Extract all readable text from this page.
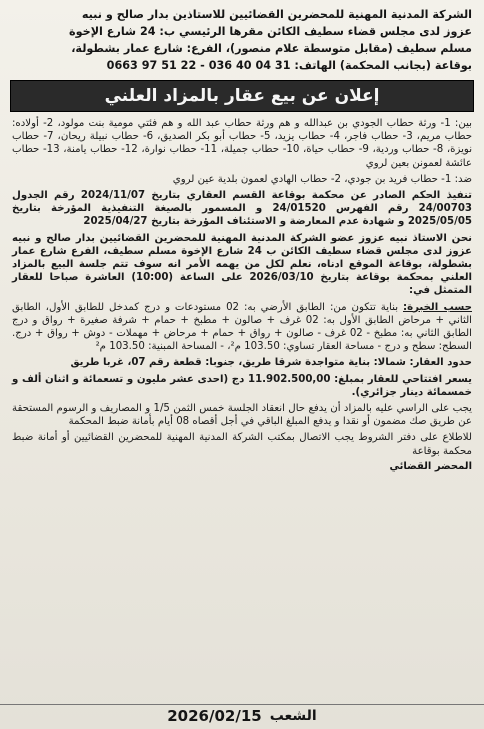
الشركة المدنية المهنية للمحضرين القضائيين للاستاذين بدار صالح و نبيه
عزوز لدى مجلس قضاء سطيف الكائن مقرها الرئيسي ب: 24 شارع الإخوة
مسلم سطيف (مقابل متوسطة علام منصور)، الفرع: شارع عمار بشطولة،
بوقاعة (بجانب المحكمة) الهاتف: 31 04 40 036 - 22 51 97 0663
إعلان عن بيع عقار بالمزاد العلني

بين: 1- ورثة حطاب الجودي بن عبدالله و هم ورثة حطاب عبد الله و هم فئتي مومية بنت مولود، 2- أولاده: حطاب مريم، 3- حطاب فاجر، 4- حطاب يزيد، 5- حطاب أبو بكر الصديق، 6- حطاب نبيلة ريحان، 7- حطاب نويزة، 8- حطاب وردية، 9- حطاب حياة، 10- حطاب جميلة، 11- حطاب نوارة، 12- حطاب يامنة، 13- حطاب عائشة لعمونن بعين لروي

ضد: 1- حطاب فريد بن جودي، 2- حطاب الهادي لعمون بلدية عين لروي

تنفيذ الحكم الصادر عن محكمة بوقاعة القسم العقاري بتاريخ 2024/11/07 رقم الجدول 24/00703 رقم الفهرس 24/01520 و المسمور بالصيغة التنفيذية المؤرخة بتاريخ 2025/05/05 و شهادة عدم المعارضة و الاستئناف المؤرخة بتاريخ 2025/04/27

نحن الاستاذ نبيه عزوز عضو الشركة المدنية المهنية للمحضرين القضائيين بدار صالح و نبيه عزوز لدى مجلس قضاء سطيف الكائن ب 24 شارع الإخوة مسلم سطيف، الفرع شارع عمار بشطولة، بوقاعة الموقع ادناه، نعلم لكل من يهمه الأمر انه سوف تتم جلسة البيع بالمزاد العلني بمحكمة بوقاعة بتاريخ 2026/03/10 على الساعة (10:00) العاشرة صباحا للعقار المتمثل في:

حسب الخبرة: بناية تتكون من: الطابق الأرضي به: 02 مستودعات و درج كمدخل للطابق الأول، الطابق الثاني + مرحاض الطابق الأول به: 02 غرف + صالون + مطبخ + حمام + شرفة صغيرة + رواق و درج الطابق الثاني به: مطبخ - 02 غرف - صالون + رواق + حمام + مرحاض + مهملات - دوش + رواق + درج. السطح: سطح و درج - مساحة العقار تساوي: 103.50 م²، - المساحة المبنية: 103.50 م²

حدود العقار: شمالا: بناية متواجدة شرقا طريق، جنوبا: قطعة رقم 07، غربا طريق

يسعر افتتاحي للعقار بمبلغ: 11.902.500,00 دج (احدى عشر مليون و تسعمائة و اثنان ألف و خمسمائة دينار جزائري).

يجب على الراسي عليه بالمزاد أن يدفع حال انعقاد الجلسة خمس الثمن 1/5 و المصاريف و الرسوم المستحقة عن طريق صك مضمون أو نقدا و يدفع المبلغ الباقي في أجل أقصاه 08 أيام بأمانة ضبط المحكمة

للاطلاع على دفتر الشروط يجب الاتصال بمكتب الشركة المدنية المهنية للمحضرين القضائيين أو أمانة ضبط محكمة بوقاعة

المحضر القضائي
2026/02/15 الشعب
